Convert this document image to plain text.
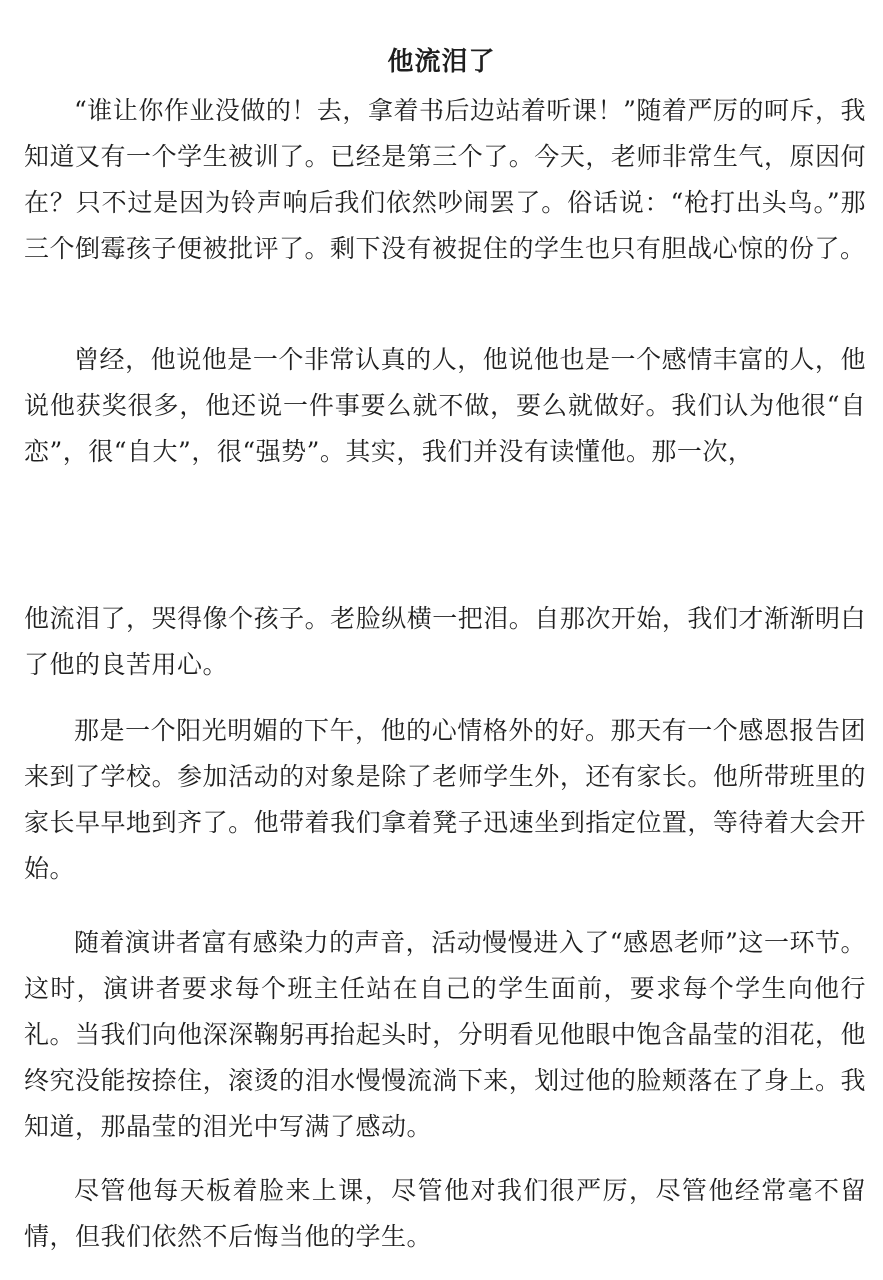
他流泪了

“谁让你作业没做的！去，拿着书后边站着听课！”随着严厉的呵斥，我知道又有一个学生被训了。已经是第三个了。今天，老师非常生气，原因何在？只不过是因为铃声响后我们依然吵闹罢了。俗话说：“枪打出头鸟。”那三个倒霉孩子便被批评了。剩下没有被捉住的学生也只有胆战心惊的份了。

曾经，他说他是一个非常认真的人，他说他也是一个感情丰富的人，他说他获奖很多，他还说一件事要么就不做，要么就做好。我们认为他很“自恋”，很“自大”，很“强势”。其实，我们并没有读懂他。那一次，

他流泪了，哭得像个孩子。老脸纵横一把泪。自那次开始，我们才渐渐明白了他的良苦用心。

那是一个阳光明媚的下午，他的心情格外的好。那天有一个感恩报告团来到了学校。参加活动的对象是除了老师学生外，还有家长。他所带班里的家长早早地到齐了。他带着我们拿着凳子迅速坐到指定位置，等待着大会开始。

随着演讲者富有感染力的声音，活动慢慢进入了“感恩老师”这一环节。这时，演讲者要求每个班主任站在自己的学生面前，要求每个学生向他行礼。当我们向他深深鞠躬再抬起头时，分明看见他眼中饱含晶莹的泪花，他终究没能按捺住，滚烫的泪水慢慢流淌下来，划过他的脸颊落在了身上。我知道，那晶莹的泪光中写满了感动。

尽管他每天板着脸来上课，尽管他对我们很严厉，尽管他经常毫不留情，但我们依然不后悔当他的学生。
